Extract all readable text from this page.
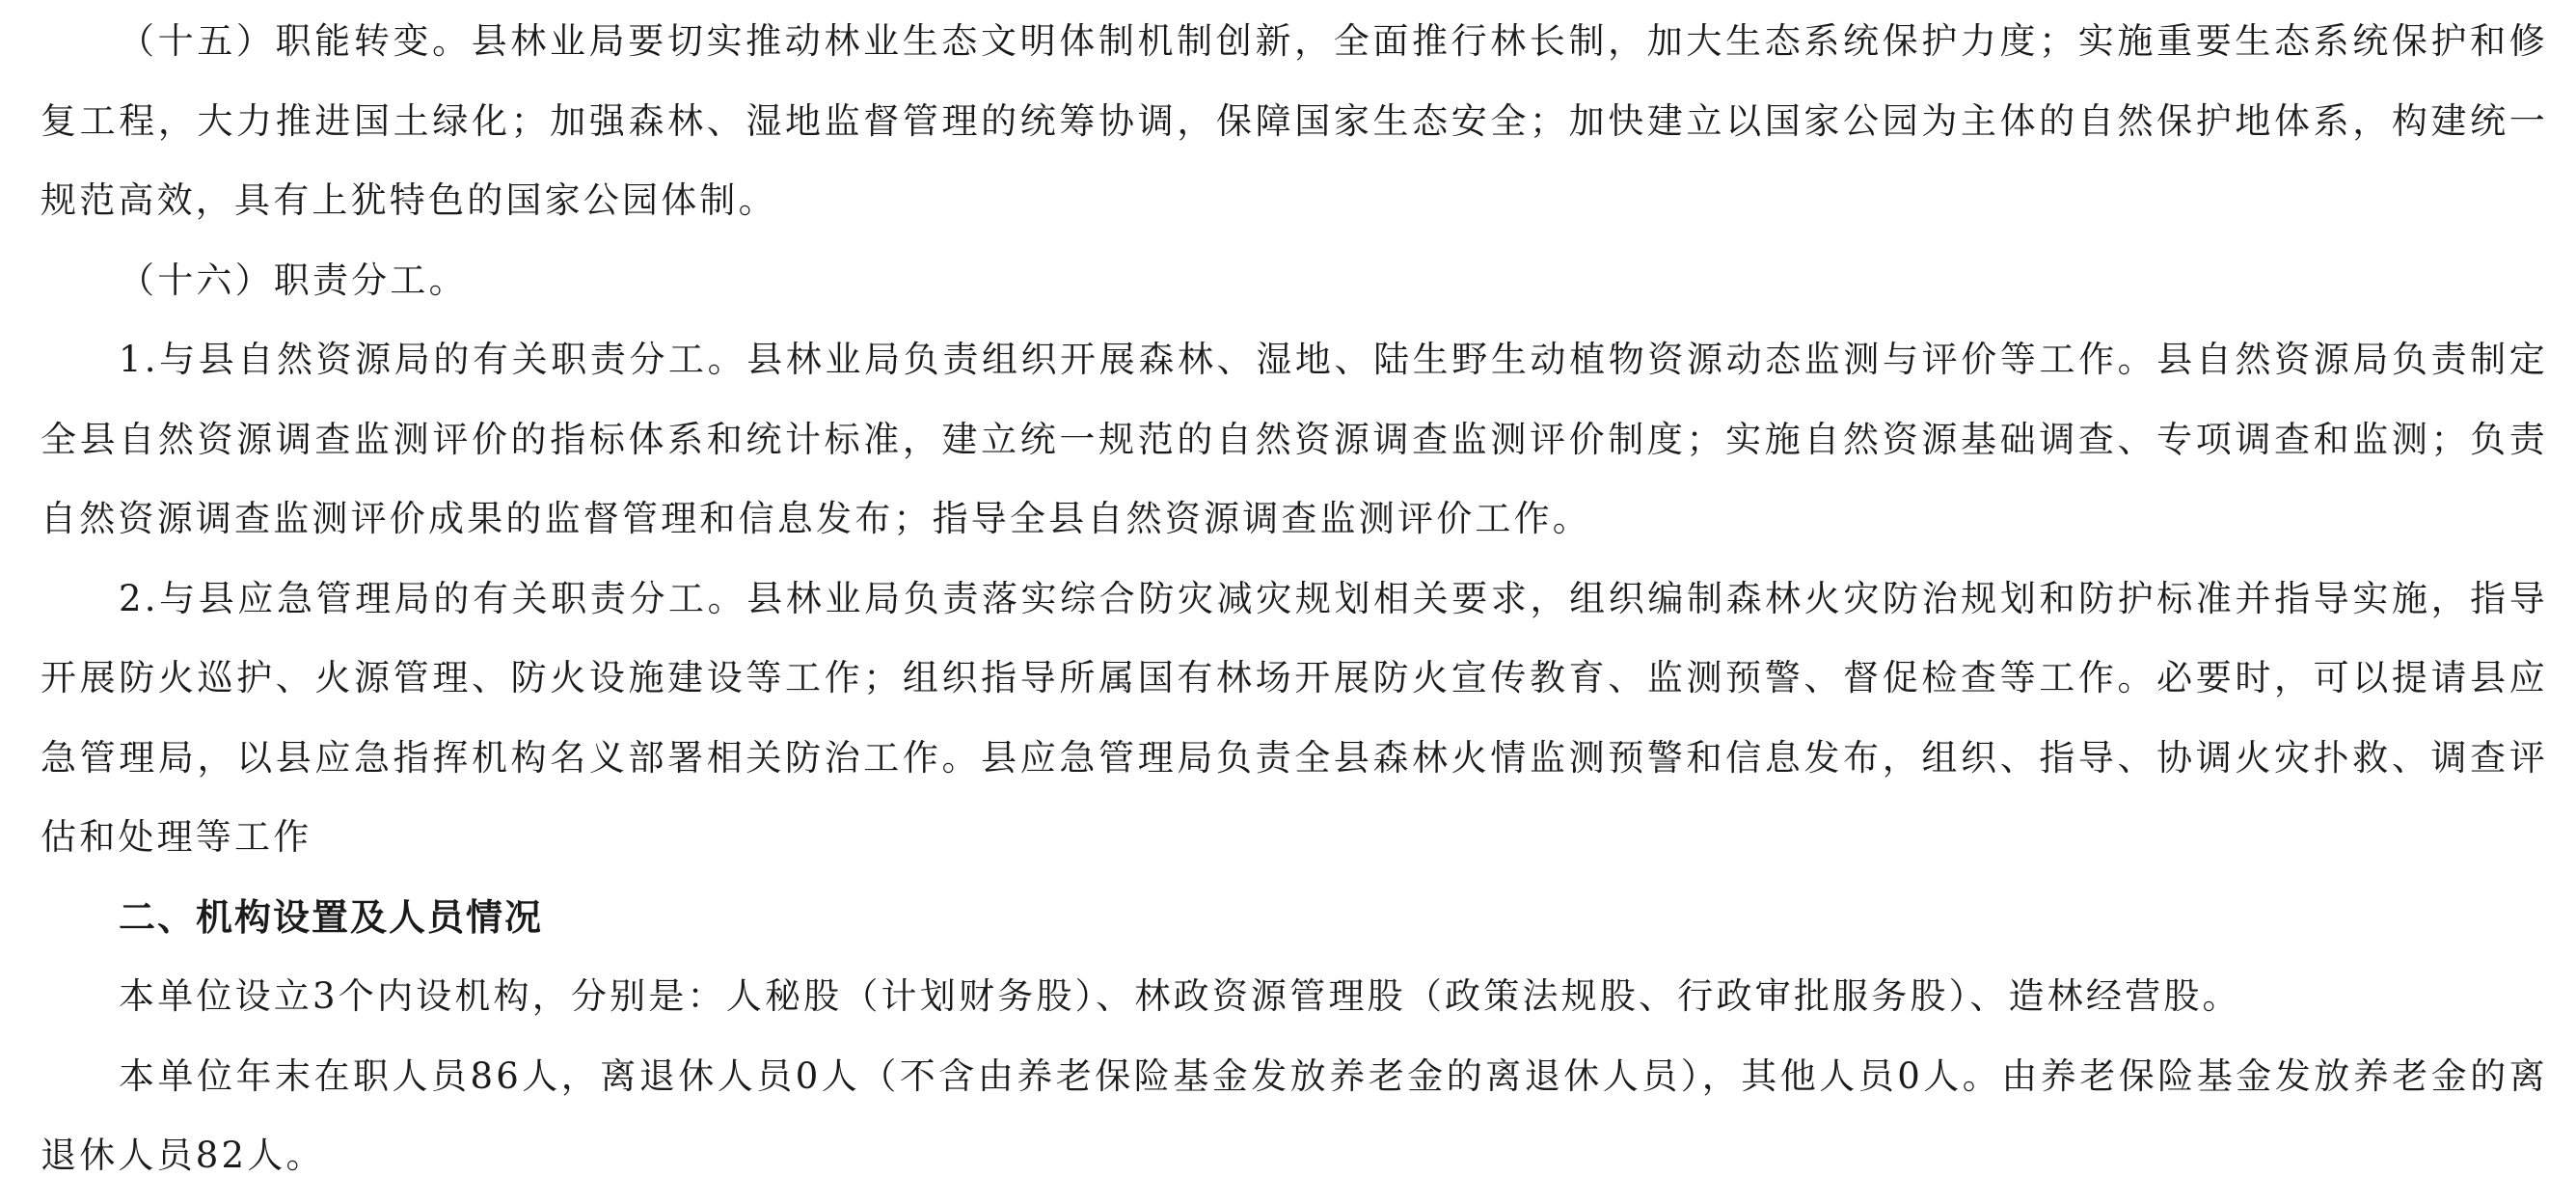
（十五）职能转变。县林业局要切实推动林业生态文明体制机制创新，全面推行林长制，加大生态系统保护力度；实施重要生态系统保护和修复工程，大力推进国土绿化；加强森林、湿地监督管理的统筹协调，保障国家生态安全；加快建立以国家公园为主体的自然保护地体系，构建统一规范高效，具有上犹特色的国家公园体制。

（十六）职责分工。

1.与县自然资源局的有关职责分工。县林业局负责组织开展森林、湿地、陆生野生动植物资源动态监测与评价等工作。县自然资源局负责制定全县自然资源调查监测评价的指标体系和统计标准，建立统一规范的自然资源调查监测评价制度；实施自然资源基础调查、专项调查和监测；负责自然资源调查监测评价成果的监督管理和信息发布；指导全县自然资源调查监测评价工作。

2.与县应急管理局的有关职责分工。县林业局负责落实综合防灾减灾规划相关要求，组织编制森林火灾防治规划和防护标准并指导实施，指导开展防火巡护、火源管理、防火设施建设等工作；组织指导所属国有林场开展防火宣传教育、监测预警、督促检查等工作。必要时，可以提请县应急管理局，以县应急指挥机构名义部署相关防治工作。县应急管理局负责全县森林火情监测预警和信息发布，组织、指导、协调火灾扑救、调查评估和处理等工作

二、机构设置及人员情况

本单位设立3个内设机构，分别是：人秘股（计划财务股）、林政资源管理股（政策法规股、行政审批服务股）、造林经营股。

本单位年末在职人员86人，离退休人员0人（不含由养老保险基金发放养老金的离退休人员），其他人员0人。由养老保险基金发放养老金的离退休人员82人。
